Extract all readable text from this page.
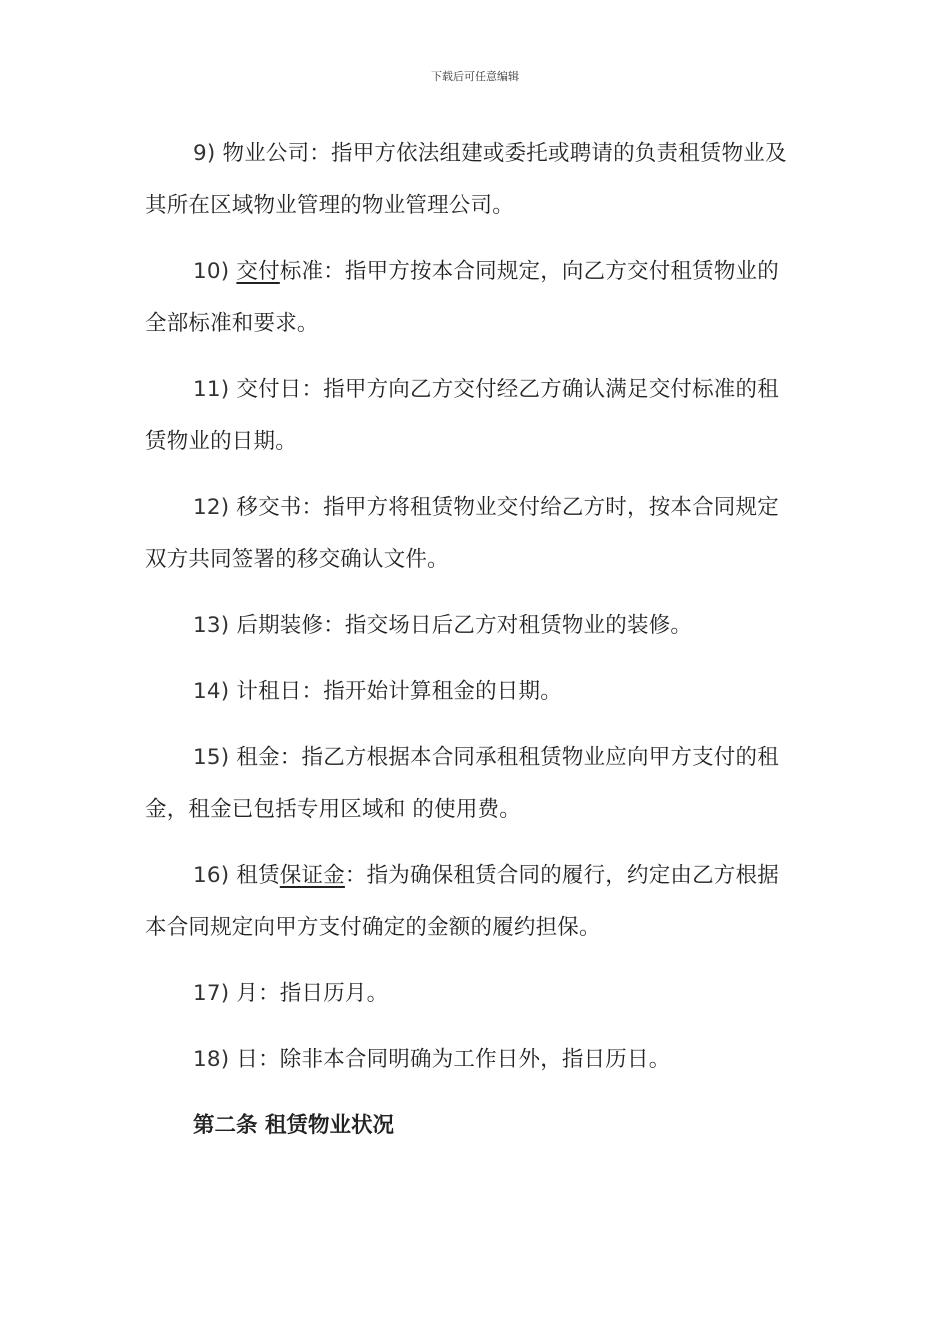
下载后可任意编辑

9) 物业公司：指甲方依法组建或委托或聘请的负责租赁物业及其所在区域物业管理的物业管理公司。

10) 交付标准：指甲方按本合同规定，向乙方交付租赁物业的全部标准和要求。

11) 交付日：指甲方向乙方交付经乙方确认满足交付标准的租赁物业的日期。

12) 移交书：指甲方将租赁物业交付给乙方时，按本合同规定双方共同签署的移交确认文件。

13) 后期装修：指交场日后乙方对租赁物业的装修。

14) 计租日：指开始计算租金的日期。

15) 租金：指乙方根据本合同承租租赁物业应向甲方支付的租金，租金已包括专用区域和 的使用费。

16) 租赁保证金：指为确保租赁合同的履行，约定由乙方根据本合同规定向甲方支付确定的金额的履约担保。

17) 月：指日历月。

18) 日：除非本合同明确为工作日外，指日历日。

第二条 租赁物业状况
